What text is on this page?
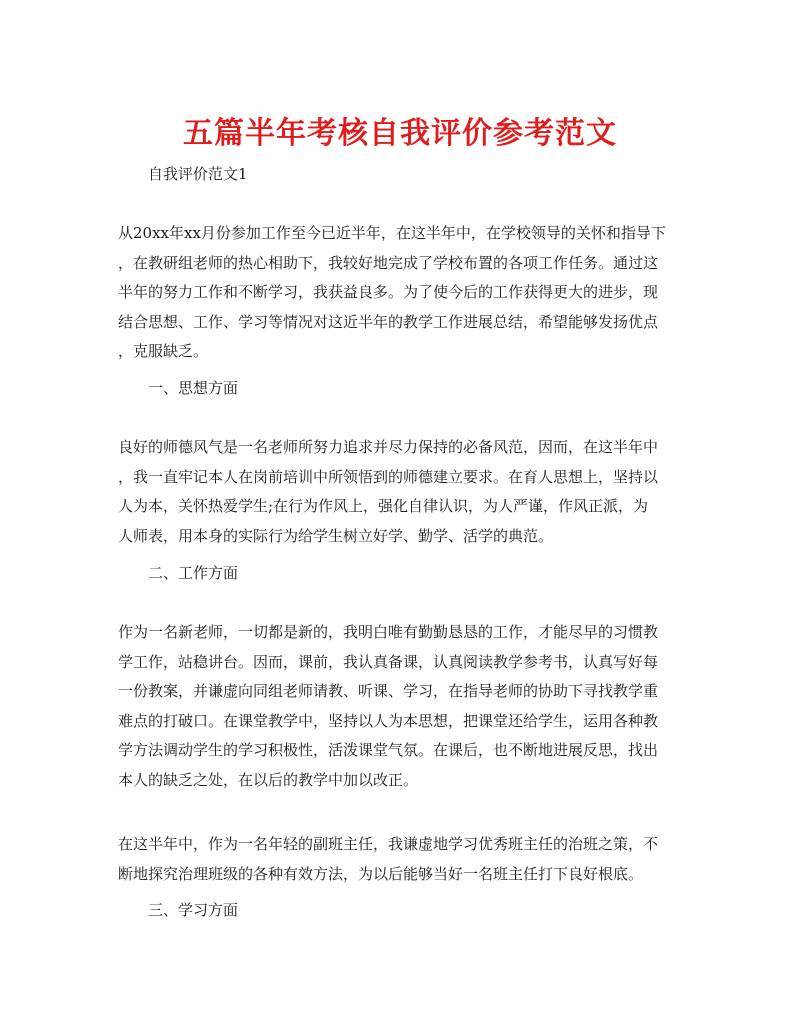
五篇半年考核自我评价参考范文

自我评价范文1

从20xx年xx月份参加工作至今已近半年，在这半年中，在学校领导的关怀和指导下
，在教研组老师的热心相助下，我较好地完成了学校布置的各项工作任务。通过这
半年的努力工作和不断学习，我获益良多。为了使今后的工作获得更大的进步，现
结合思想、工作、学习等情况对这近半年的教学工作进展总结，希望能够发扬优点
，克服缺乏。

一、思想方面

良好的师德风气是一名老师所努力追求并尽力保持的必备风范，因而，在这半年中
，我一直牢记本人在岗前培训中所领悟到的师德建立要求。在育人思想上，坚持以
人为本，关怀热爱学生;在行为作风上，强化自律认识，为人严谨，作风正派，为
人师表，用本身的实际行为给学生树立好学、勤学、活学的典范。

二、工作方面

作为一名新老师，一切都是新的，我明白唯有勤勤恳恳的工作，才能尽早的习惯教
学工作，站稳讲台。因而，课前，我认真备课，认真阅读教学参考书，认真写好每
一份教案，并谦虚向同组老师请教、听课、学习，在指导老师的协助下寻找教学重
难点的打破口。在课堂教学中，坚持以人为本思想，把课堂还给学生，运用各种教
学方法调动学生的学习积极性，活泼课堂气氛。在课后，也不断地进展反思，找出
本人的缺乏之处，在以后的教学中加以改正。

在这半年中，作为一名年轻的副班主任，我谦虚地学习优秀班主任的治班之策，不
断地探究治理班级的各种有效方法，为以后能够当好一名班主任打下良好根底。

三、学习方面
